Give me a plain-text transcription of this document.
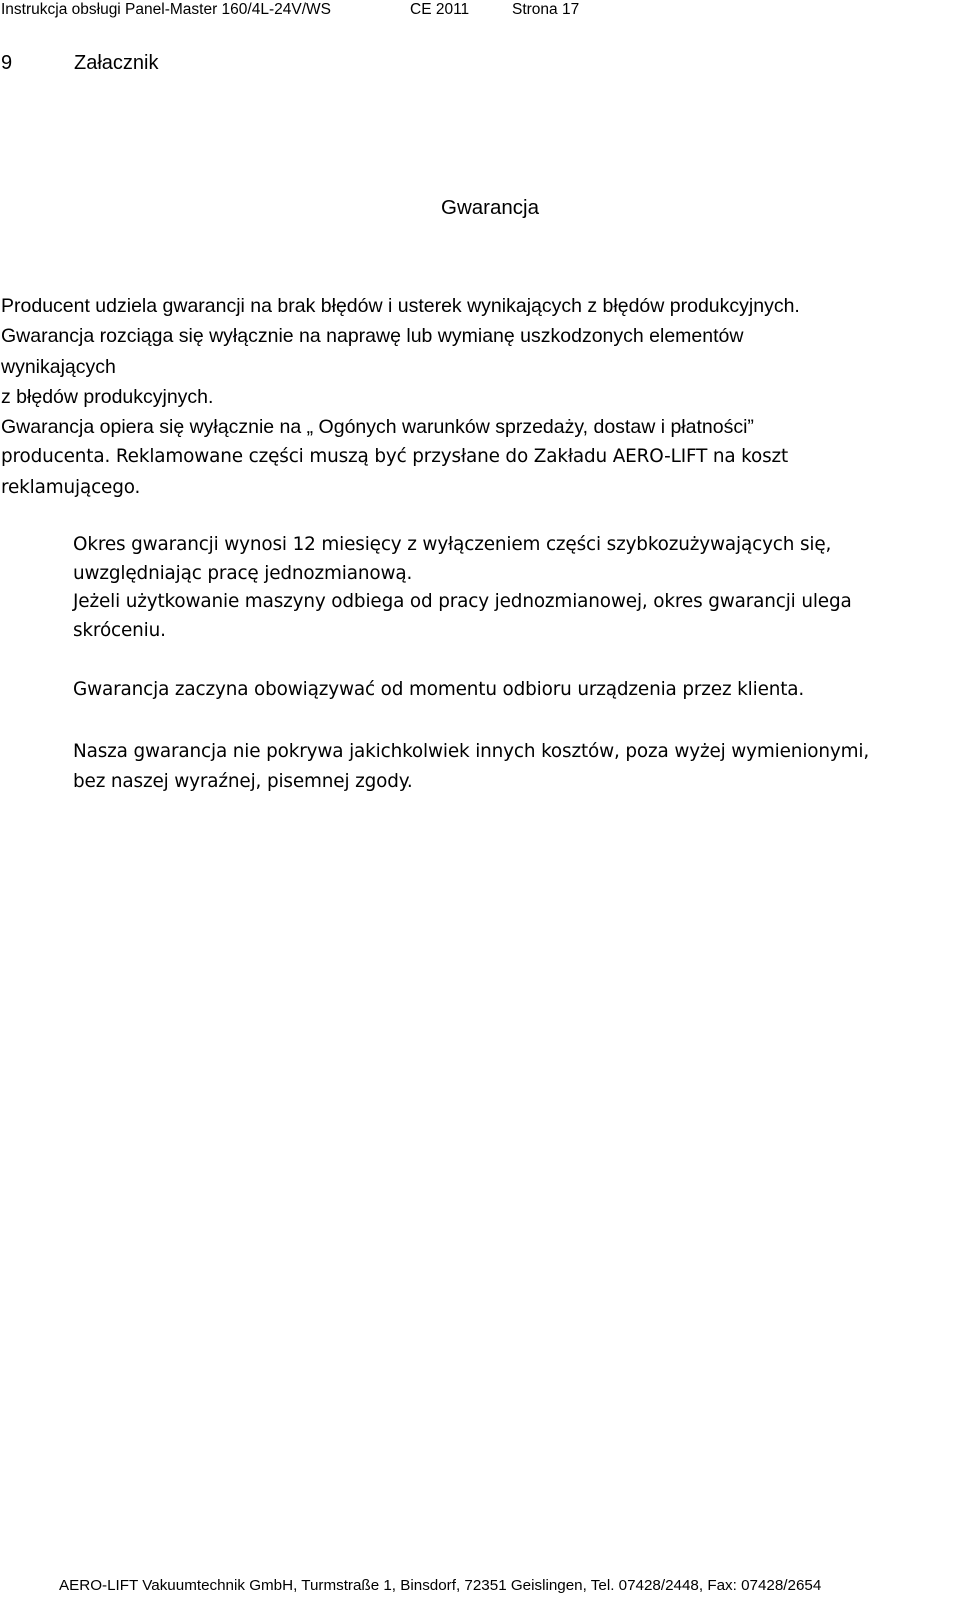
Instrukcja obsługi Panel-Master 160/4L-24V/WS	CE 2011	Strona 17
9	Załacznik
Gwarancja
Producent udziela gwarancji na brak błędów i usterek wynikających z błędów produkcyjnych.
Gwarancja rozciąga się wyłącznie na naprawę lub wymianę uszkodzonych elementów
wynikających
z błędów produkcyjnych.
Gwarancja opiera się wyłącznie na „ Ogónych warunków sprzedaży, dostaw i płatności”
producenta. Reklamowane części muszą być przysłane do Zakładu AERO-LIFT na koszt
reklamującego.
Okres gwarancji wynosi 12 miesięcy z wyłączeniem części szybkozużywających się,
uwzględniając pracę jednozmianową.
Jeżeli użytkowanie maszyny odbiega od pracy jednozmianowej, okres gwarancji ulega
skróceniu.
Gwarancja zaczyna obowiązywać od momentu odbioru urządzenia przez klienta.
Nasza gwarancja nie pokrywa jakichkolwiek innych kosztów, poza wyżej wymienionymi,
bez naszej wyraźnej, pisemnej zgody.
AERO-LIFT Vakuumtechnik GmbH, Turmstraße 1, Binsdorf, 72351 Geislingen, Tel. 07428/2448, Fax: 07428/2654
